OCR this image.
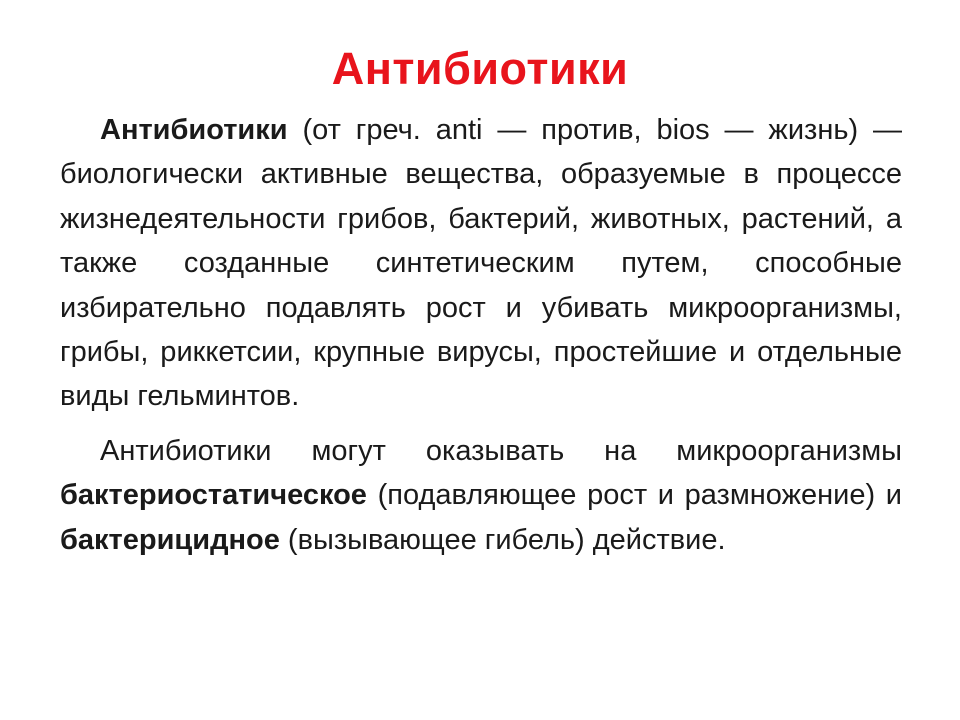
Антибиотики

Антибиотики (от греч. anti — против, bios — жизнь) — биологически активные вещества, образуемые в процессе жизнедеятельности грибов, бактерий, животных, растений, а также созданные синтетическим путем, способные избирательно подавлять рост и убивать микроорганизмы, грибы, риккетсии, крупные вирусы, простейшие и отдельные виды гельминтов.

Антибиотики могут оказывать на микроорганизмы бактериостатическое (подавляющее рост и размножение) и бактерицидное (вызывающее гибель) действие.
